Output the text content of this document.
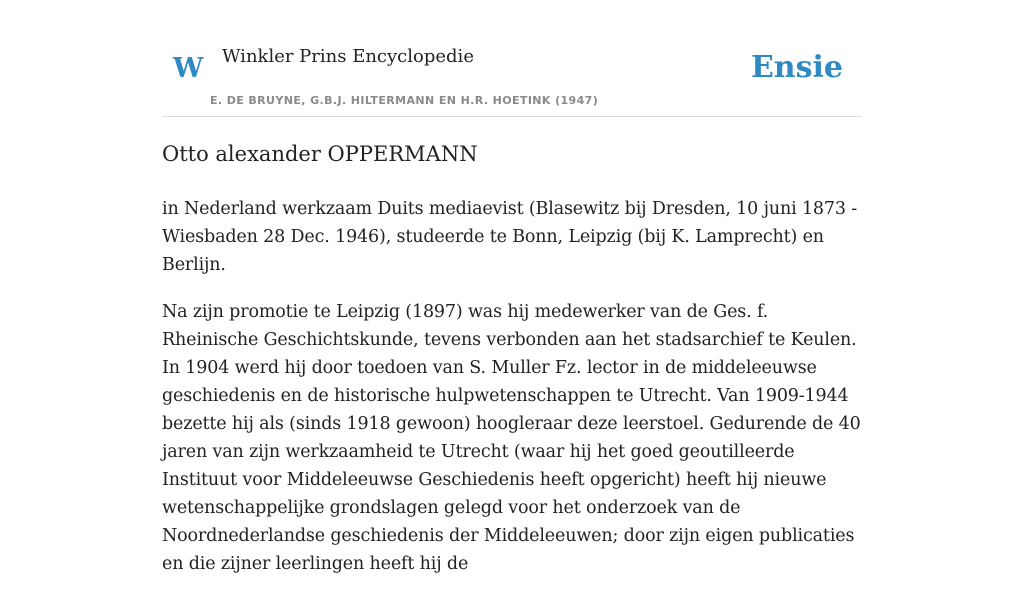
W Winkler Prins Encyclopedie
E. DE BRUYNE, G.B.J. HILTERMANN EN H.R. HOETINK (1947)
Ensie
Otto alexander OPPERMANN

in Nederland werkzaam Duits mediaevist (Blasewitz bij Dresden, 10 juni 1873 - Wiesbaden 28 Dec. 1946), studeerde te Bonn, Leipzig (bij K. Lamprecht) en Berlijn.

Na zijn promotie te Leipzig (1897) was hij medewerker van de Ges. f. Rheinische Geschichtskunde, tevens verbonden aan het stadsarchief te Keulen. In 1904 werd hij door toedoen van S. Muller Fz. lector in de middeleeuwse geschiedenis en de historische hulpwetenschappen te Utrecht. Van 1909-1944 bezette hij als (sinds 1918 gewoon) hoogleraar deze leerstoel. Gedurende de 40 jaren van zijn werkzaamheid te Utrecht (waar hij het goed geoutilleerde Instituut voor Middeleeuwse Geschiedenis heeft opgericht) heeft hij nieuwe wetenschappelijke grondslagen gelegd voor het onderzoek van de Noordnederlandse geschiedenis der Middeleeuwen; door zijn eigen publicaties en die zijner leerlingen heeft hij de
